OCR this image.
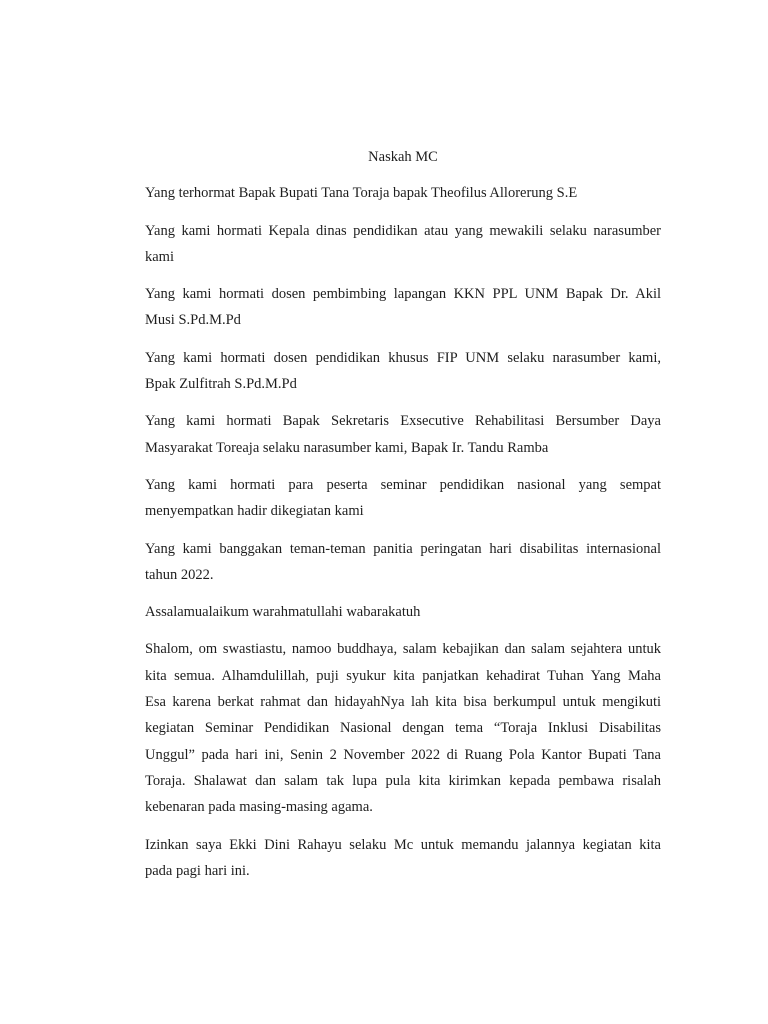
Naskah MC
Yang terhormat Bapak Bupati Tana Toraja bapak Theofilus Allorerung S.E
Yang kami hormati Kepala dinas pendidikan atau yang mewakili selaku narasumber
kami
Yang kami hormati dosen pembimbing lapangan KKN PPL UNM Bapak Dr. Akil
Musi S.Pd.M.Pd
Yang kami hormati dosen pendidikan khusus FIP UNM selaku narasumber kami,
Bpak Zulfitrah S.Pd.M.Pd
Yang kami hormati Bapak Sekretaris Exsecutive Rehabilitasi Bersumber Daya
Masyarakat Toreaja selaku narasumber kami, Bapak Ir. Tandu Ramba
Yang kami hormati para peserta seminar pendidikan nasional yang sempat
menyempatkan hadir dikegiatan kami
Yang kami banggakan teman-teman panitia peringatan hari disabilitas internasional
tahun 2022.
Assalamualaikum warahmatullahi wabarakatuh
Shalom, om swastiastu, namoo buddhaya, salam kebajikan dan salam sejahtera untuk
kita semua. Alhamdulillah, puji syukur kita panjatkan kehadirat Tuhan Yang Maha
Esa karena berkat rahmat dan hidayahNya lah kita bisa berkumpul untuk mengikuti
kegiatan Seminar Pendidikan Nasional dengan tema “Toraja Inklusi Disabilitas
Unggul” pada hari ini, Senin 2 November 2022 di Ruang Pola Kantor Bupati Tana
Toraja. Shalawat dan salam tak lupa pula kita kirimkan kepada pembawa risalah
kebenaran pada masing-masing agama.
Izinkan saya Ekki Dini Rahayu selaku Mc untuk memandu jalannya kegiatan kita
pada pagi hari ini.
